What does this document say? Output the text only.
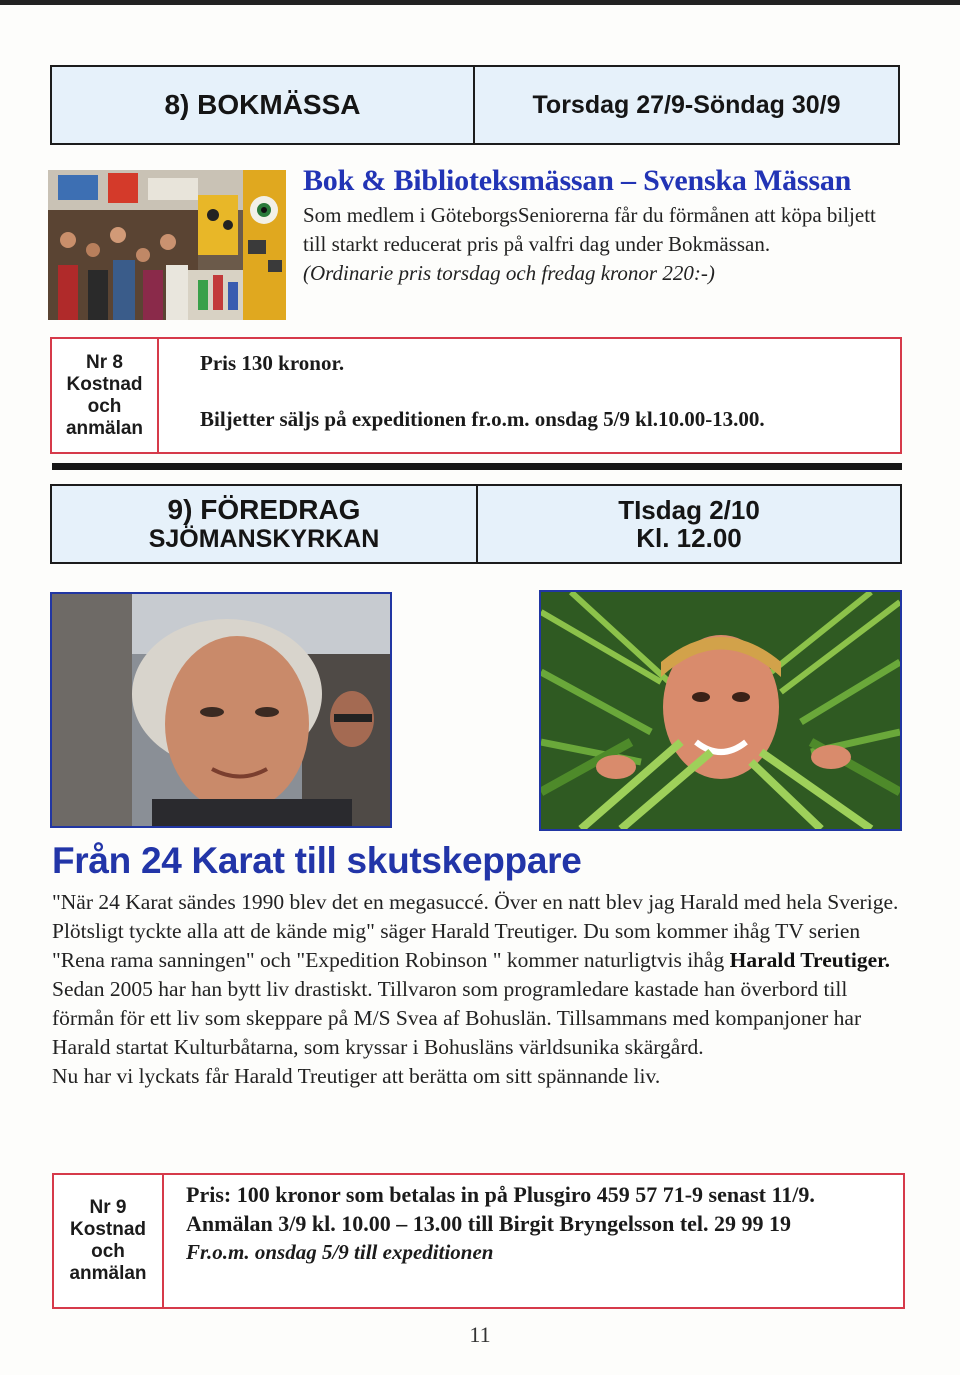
8) BOKMÄSSA	Torsdag 27/9-Söndag 30/9
Bok & Biblioteksmässan – Svenska Mässan

Som medlem i GöteborgsSeniorerna får du förmånen att köpa biljett till starkt reducerat pris på valfri dag under Bokmässan.

(Ordinarie pris torsdag och fredag kronor 220:-)

Nr 8
Kostnad
och
anmälan
Pris 130 kronor.
Biljetter säljs på expeditionen fr.o.m. onsdag 5/9 kl.10.00-13.00.
9) FÖREDRAG
SJÖMANSKYRKAN
TIsdag 2/10
Kl. 12.00
Från 24 Karat till skutskeppare

"När 24 Karat sändes 1990 blev det en megasuccé. Över en natt blev jag Harald med hela Sverige. Plötsligt tyckte alla att de kände mig" säger Harald Treutiger. Du som kommer ihåg TV serien "Rena rama sanningen" och "Expedition Robinson " kommer naturligtvis ihåg Harald Treutiger.

Sedan 2005 har han bytt liv drastiskt. Tillvaron som programledare kastade han överbord till förmån för ett liv som skeppare på M/S Svea af Bohuslän. Tillsammans med kompanjoner har Harald startat Kulturbåtarna, som kryssar i Bohusläns världsunika skärgård.

Nu har vi lyckats får Harald Treutiger att berätta om sitt spännande liv.

Nr 9
Kostnad
och
anmälan
Pris: 100 kronor som betalas in på Plusgiro 459 57 71-9 senast 11/9.
Anmälan 3/9 kl. 10.00 – 13.00 till Birgit Bryngelsson tel. 29 99 19
Fr.o.m. onsdag 5/9 till expeditionen
11
